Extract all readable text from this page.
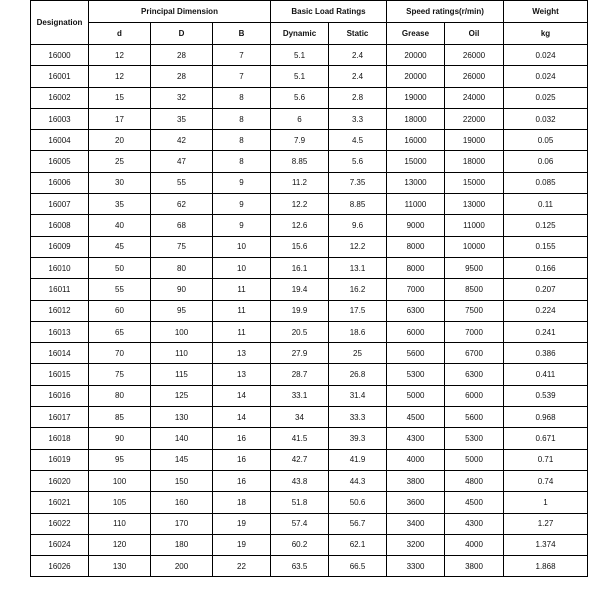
Designation	Principal Dimension			Basic Load Ratings		Speed ratings(r/min)		Weight
	d	D	B	Dynamic	Static	Grease	Oil	kg
16000	12	28	7	5.1	2.4	20000	26000	0.024
16001	12	28	7	5.1	2.4	20000	26000	0.024
16002	15	32	8	5.6	2.8	19000	24000	0.025
16003	17	35	8	6	3.3	18000	22000	0.032
16004	20	42	8	7.9	4.5	16000	19000	0.05
16005	25	47	8	8.85	5.6	15000	18000	0.06
16006	30	55	9	11.2	7.35	13000	15000	0.085
16007	35	62	9	12.2	8.85	11000	13000	0.11
16008	40	68	9	12.6	9.6	9000	11000	0.125
16009	45	75	10	15.6	12.2	8000	10000	0.155
16010	50	80	10	16.1	13.1	8000	9500	0.166
16011	55	90	11	19.4	16.2	7000	8500	0.207
16012	60	95	11	19.9	17.5	6300	7500	0.224
16013	65	100	11	20.5	18.6	6000	7000	0.241
16014	70	110	13	27.9	25	5600	6700	0.386
16015	75	115	13	28.7	26.8	5300	6300	0.411
16016	80	125	14	33.1	31.4	5000	6000	0.539
16017	85	130	14	34	33.3	4500	5600	0.968
16018	90	140	16	41.5	39.3	4300	5300	0.671
16019	95	145	16	42.7	41.9	4000	5000	0.71
16020	100	150	16	43.8	44.3	3800	4800	0.74
16021	105	160	18	51.8	50.6	3600	4500	1
16022	110	170	19	57.4	56.7	3400	4300	1.27
16024	120	180	19	60.2	62.1	3200	4000	1.374
16026	130	200	22	63.5	66.5	3300	3800	1.868
